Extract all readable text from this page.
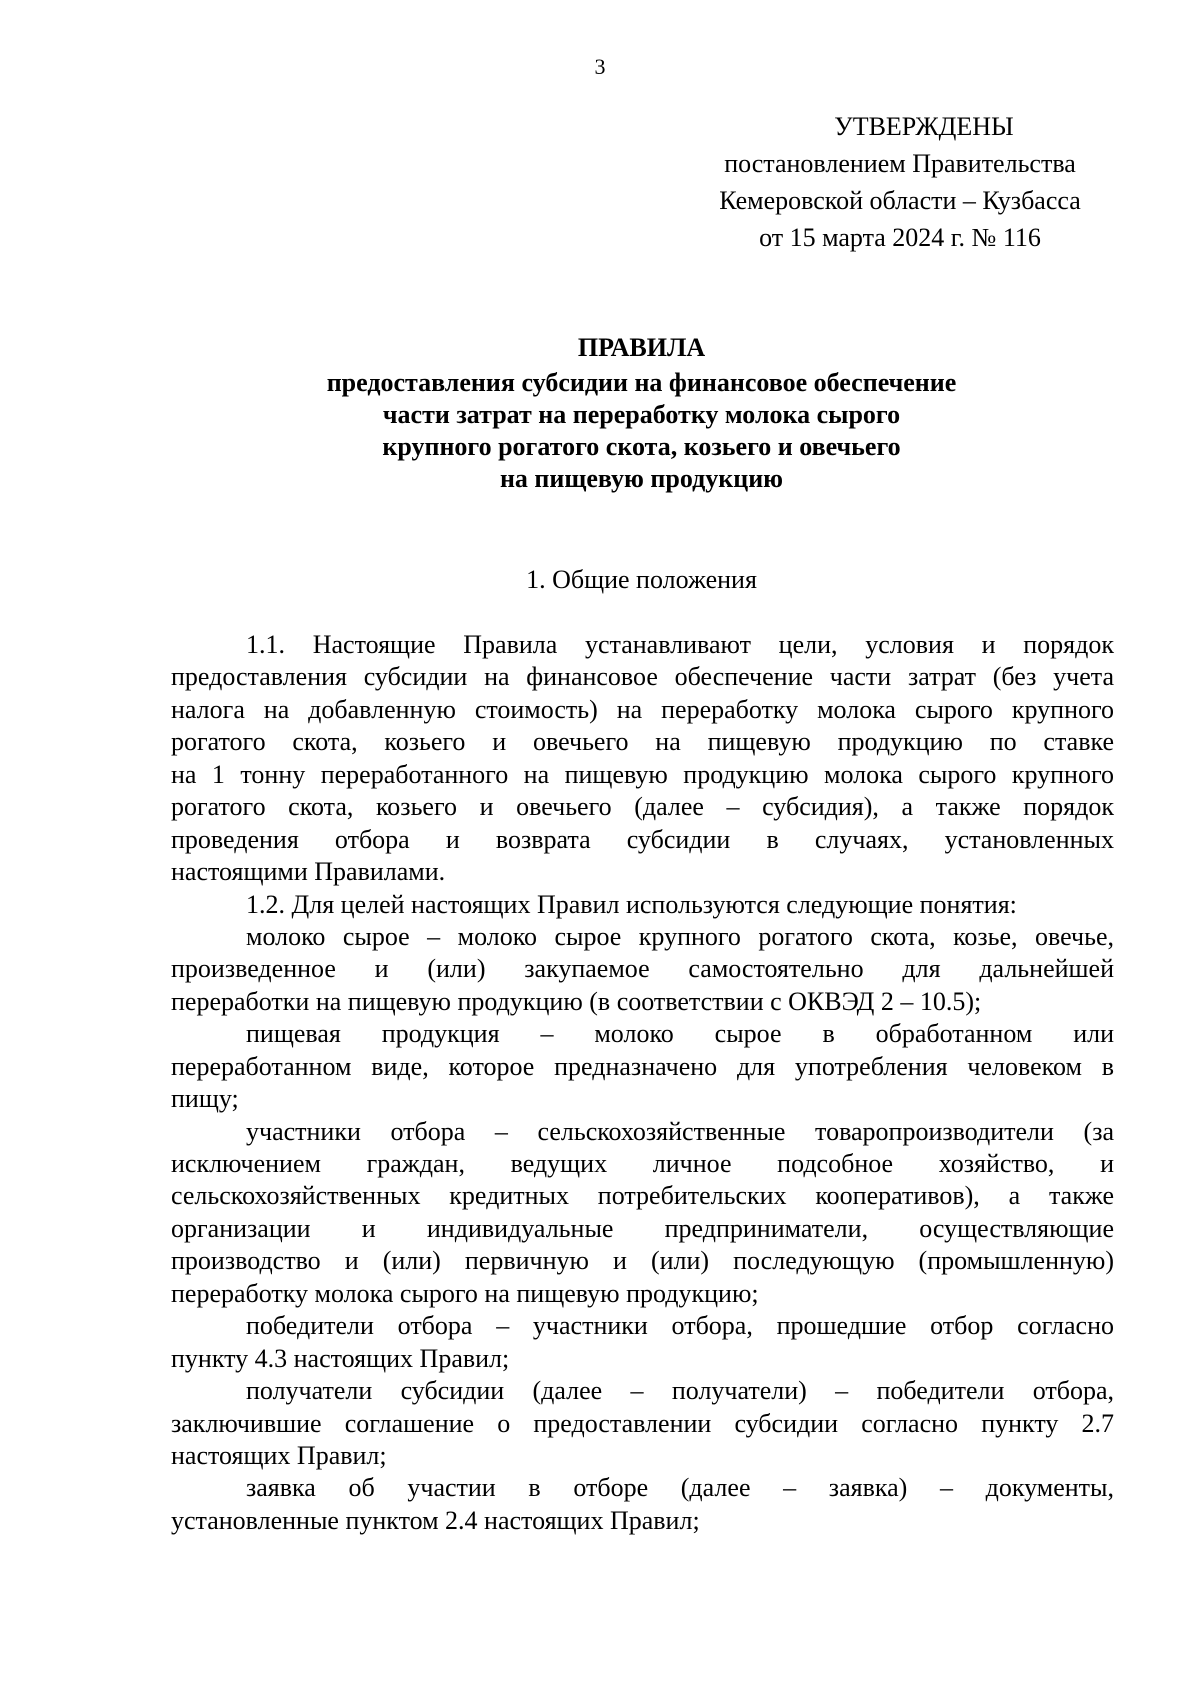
3
УТВЕРЖДЕНЫ
постановлением Правительства
Кемеровской области – Кузбасса
от 15 марта 2024 г. № 116
ПРАВИЛА
предоставления субсидии на финансовое обеспечение
части затрат на переработку молока сырого
крупного рогатого скота, козьего и овечьего
на пищевую продукцию
1. Общие положения
1.1. Настоящие Правила устанавливают цели, условия и порядок
предоставления субсидии на финансовое обеспечение части затрат (без учета
налога на добавленную стоимость) на переработку молока сырого крупного
рогатого скота, козьего и овечьего на пищевую продукцию по ставке
на 1 тонну переработанного на пищевую продукцию молока сырого крупного
рогатого скота, козьего и овечьего (далее – субсидия), а также порядок
проведения отбора и возврата субсидии в случаях, установленных
настоящими Правилами.
1.2. Для целей настоящих Правил используются следующие понятия:
молоко сырое – молоко сырое крупного рогатого скота, козье, овечье,
произведенное и (или) закупаемое самостоятельно для дальнейшей
переработки на пищевую продукцию (в соответствии с ОКВЭД 2 – 10.5);
пищевая продукция – молоко сырое в обработанном или
переработанном виде, которое предназначено для употребления человеком в
пищу;
участники отбора – сельскохозяйственные товаропроизводители (за
исключением граждан, ведущих личное подсобное хозяйство, и
сельскохозяйственных кредитных потребительских кооперативов), а также
организации и индивидуальные предприниматели, осуществляющие
производство и (или) первичную и (или) последующую (промышленную)
переработку молока сырого на пищевую продукцию;
победители отбора – участники отбора, прошедшие отбор согласно
пункту 4.3 настоящих Правил;
получатели субсидии (далее – получатели) – победители отбора,
заключившие соглашение о предоставлении субсидии согласно пункту 2.7
настоящих Правил;
заявка об участии в отборе (далее – заявка) – документы,
установленные пунктом 2.4 настоящих Правил;
